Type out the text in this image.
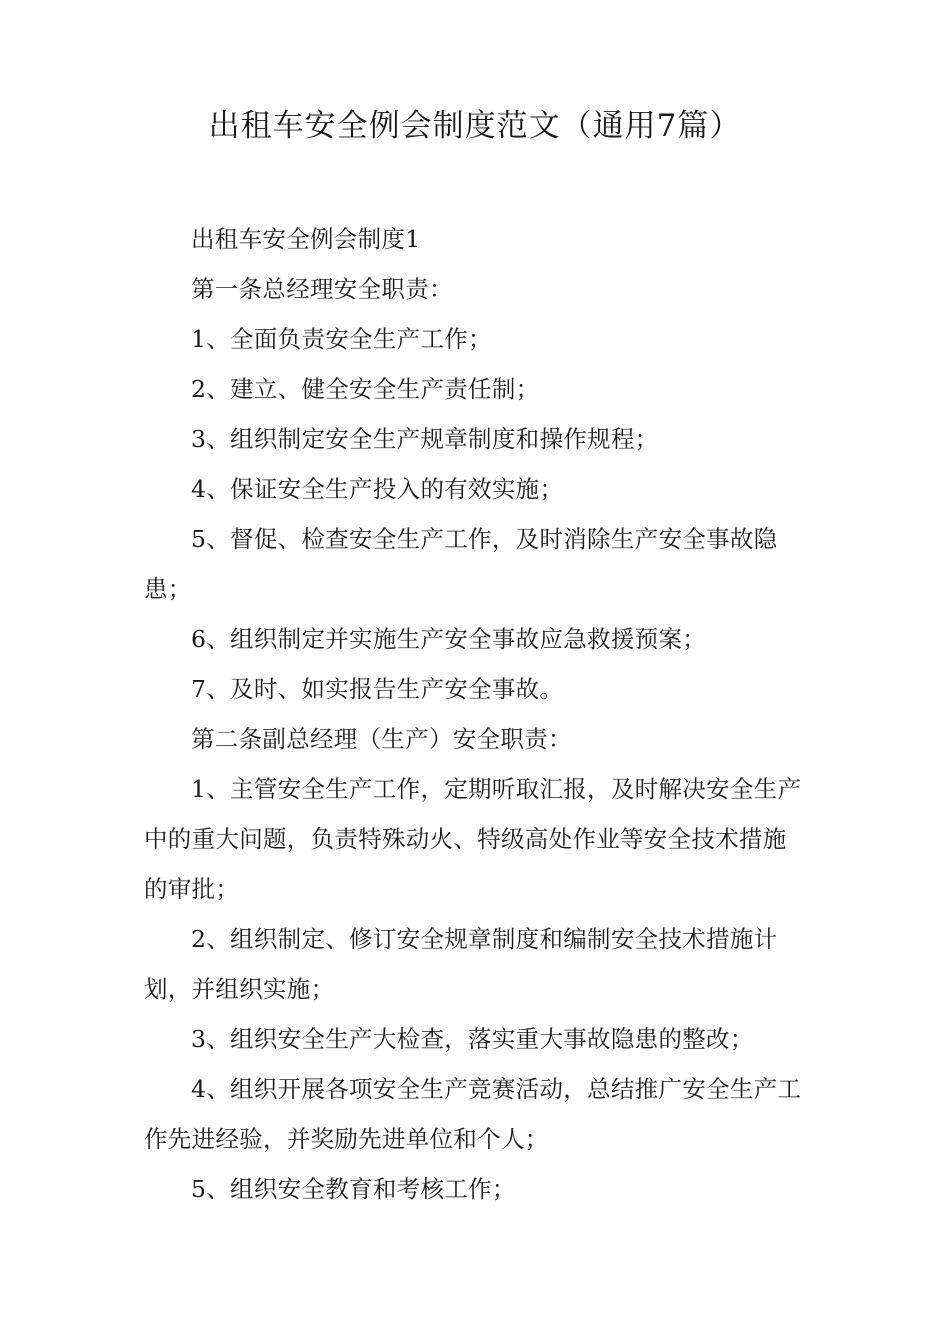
出租车安全例会制度范文（通用7篇）

出租车安全例会制度1

第一条总经理安全职责：

1、全面负责安全生产工作；

2、建立、健全安全生产责任制；

3、组织制定安全生产规章制度和操作规程；

4、保证安全生产投入的有效实施；

5、督促、检查安全生产工作，及时消除生产安全事故隐患；

6、组织制定并实施生产安全事故应急救援预案；

7、及时、如实报告生产安全事故。

第二条副总经理（生产）安全职责：

1、主管安全生产工作，定期听取汇报，及时解决安全生产中的重大问题，负责特殊动火、特级高处作业等安全技术措施的审批；

2、组织制定、修订安全规章制度和编制安全技术措施计划，并组织实施；

3、组织安全生产大检查，落实重大事故隐患的整改；

4、组织开展各项安全生产竞赛活动，总结推广安全生产工作先进经验，并奖励先进单位和个人；

5、组织安全教育和考核工作；
